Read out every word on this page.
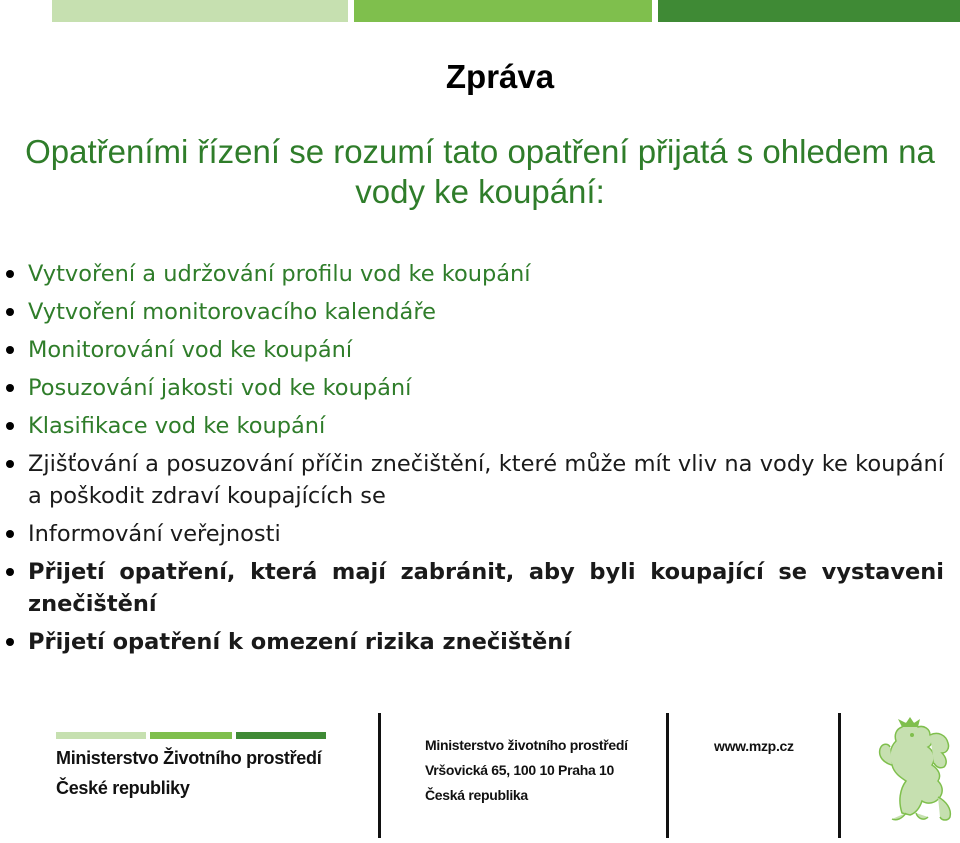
Zpráva
Opatřeními řízení se rozumí tato opatření přijatá s ohledem na vody ke koupání:
Vytvoření a udržování profilu vod ke koupání
Vytvoření monitorovacího kalendáře
Monitorování vod ke koupání
Posuzování jakosti vod ke koupání
Klasifikace vod ke koupání
Zjišťování a posuzování příčin znečištění, které může mít vliv na vody ke koupání a poškodit zdraví koupajících se
Informování veřejnosti
Přijetí opatření, která mají zabránit, aby byli koupající se vystaveni znečištění
Přijetí opatření k omezení rizika znečištění
Ministerstvo Životního prostředí
České republiky
Ministerstvo životního prostředí
Vršovická 65, 100 10 Praha 10
Česká republika
www.mzp.cz
